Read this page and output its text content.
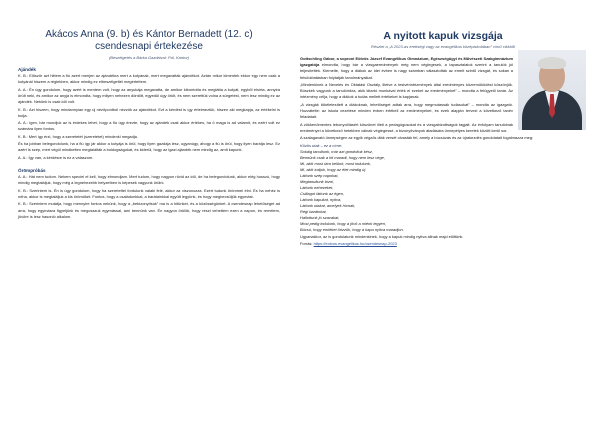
Akácos Anna (9. b) és Kántor Bernadett (12. c)
csendesnapi értekezése
(Beszélgetés a Bárka Gazdáival: Pál, Kántor)
Ajándék

K. B.: Elõször azt hittem a fiú azért menjen az ajándékra mert a kutyának, mert megavatták ajándékot. Aztán mikor kimentek ekkor egy nem csak a kutyánál hiszem a régiekben, akkor mindig ez elbeszélgettél megértettem.

A. A.: Én úgy gondolom, hogy azért is mentem volt, hogy az anyukája megavatta, de amikor kibontotta és meglátta a kutyát, egyből elsírta, annyira örült neki, és amikor az anyja is elmondta, hogy milyen nehezen döntött, egyedül úgy örült, és nem szerettük volna a sürgetést, nem lesz mindig ez az ajándék. Nekünk is csak idő volt.

K. B.: Azt hiszem, hogy mindannyian egy új nézőpontból nézzük az ajándékot. Ezt a kérdést is így értelmeztük, hiszen aki megkapja, az értékelni is tudja.

A. A.: Igen, bár mondjuk az is érdekes lehet, hogy a fiú úgy érezte, hogy az ajándék csak akkor értékes, ha ő maga is ad valamit, és ezért volt ez számára ilyen fontos.

K. B.: Mert így érzi, hogy a szeretetét (szeretetet) mindenki megadja.

És ha jobban belegondolunk, ha a fiú így jár akkor a kutyája is örül, hogy ilyen gazdája lesz, ugyanúgy, ahogy a fiú is örül, hogy ilyen barátja lesz. Ez azért is szép, mert végül mindketten megtalálták a boldogságukat, és kiderül, hogy az igazi ajándék nem mindig az, amit kapunk.

A. A.: Így van, a kérdésre is ez a válaszom.

Örömpróbás

A. A.: Hát nem tudom. Nekem speciel el kell, hogy elmondjam. Mert tudom, hogy nagyon rövid az idő, de ha belegondolunk, akkor elég hosszú, hogy mindig megtaláljuk, hogy még a legnehezebb helyzetben is képesek vagyunk örülni.

K. B.: Szerintem is. Én is úgy gondolom, hogy ha szeretettel fordulunk valaki felé, akkor az viszonozza. Ezért tudunk örömmel élni. És ha nehéz is néha, akkor is megtaláljuk a kis örömöket. Fontos, hogy a családunkkal, a barátainkkal együtt legyünk, és hogy megbecsüljük egymást.

K. B.: Szerintem mutatja, hogy mennyire fontos nekünk, hogy a „bebizonyítsuk” ma is a hitünket, és a közösségünket. A csendesnap lehetőséget ad arra, hogy egymásra figyeljünk és megosszuk egymással, ami bennünk van. Én nagyon örülök, hogy részt vehettem ezen a napon, és remélem, jövőre is lesz hasonló alkalom.

A nyitott kapuk vizsgája
Részlet a „A 2023-as érettségi vagy az evangélikus középiskolában” című cikkből

Gottschling Gábor, a soproni Eötvös József Evangélikus Gimnázium, Egészségügyi és Művészeti Szakgimnázium igazgatója elmondta, hogy bár a vizsgaeredmények még nem véglegesek, a tapasztalatok szerint a tanulók jól teljesítettek. Kiemelte, hogy a diákok az idei évben is nagy számban választották az emelt szintű vizsgát, és sokan a felsőoktatásban folytatják tanulmányaikat.

„Mindenkinek a Nevelés és Oktatási Osztály, illetve a testvérintézmények által eredményes közreműködést köszönjük. Büszkék vagyunk a tanulóinkra, akik kitartó munkával érték el ezeket az eredményeket” – mondta a felügyelő tanár. Az intézmény célja, hogy a diákok a tudás mellett értékeket is kapjanak.

„A vizsgák tökéletesített a diákoknak, lehetőséget adtak arra, hogy megmutassák tudásukat” – mondta az igazgató. Hozzátette: az iskola vezetése minden évben értékeli az eredményeket, és ezek alapján tervezi a következő tanév feladatait.

A zökkenőmentes lebonyolításért köszönet illeti a pedagógusokat és a vizsgabizottságok tagjait. Az évfolyam tanulóinak eredményei a következő hetekben válnak véglegessé, a bizonyítványok átadására ünnepélyes keretek között kerül sor.

A szalagavató ünnepségen az egyik végzős diák versét olvasták fel, amely a búcsúzás és az újrakezdés gondolatait fogalmazza meg:

Közös utak – ez a címe:

Sokáig tanultunk, már azt gondoltuk kész,

Bennünk csak a hit maradt, hogy nem lesz vége,

Mi, akik most útra kelünk, most indulunk,

Mi, akik tudjuk, hogy az élet mindig új.

Láttunk szép napokat,

Megtanultunk bízni,

Láttunk nehezeket,

Csillagot láttunk az égen,

Láttunk kapukat, nyitva,

Láttunk utakat, amelyek hívnak,

Régi barátokat,

Hallottunk jó szavakat,

Most pedig indulunk, hogy a jövő a miénk legyen,

Búcsú, hogy emléket őrizzük, hogy a kapu nyitva maradjon.

Ugyanakkor, az is gondolatunk mindenkinek, hogy a kapuk mindig nyitva állnak majd előttünk.

Forrás: https://eotvos.evangelikus.hu/csendesnap-2023
